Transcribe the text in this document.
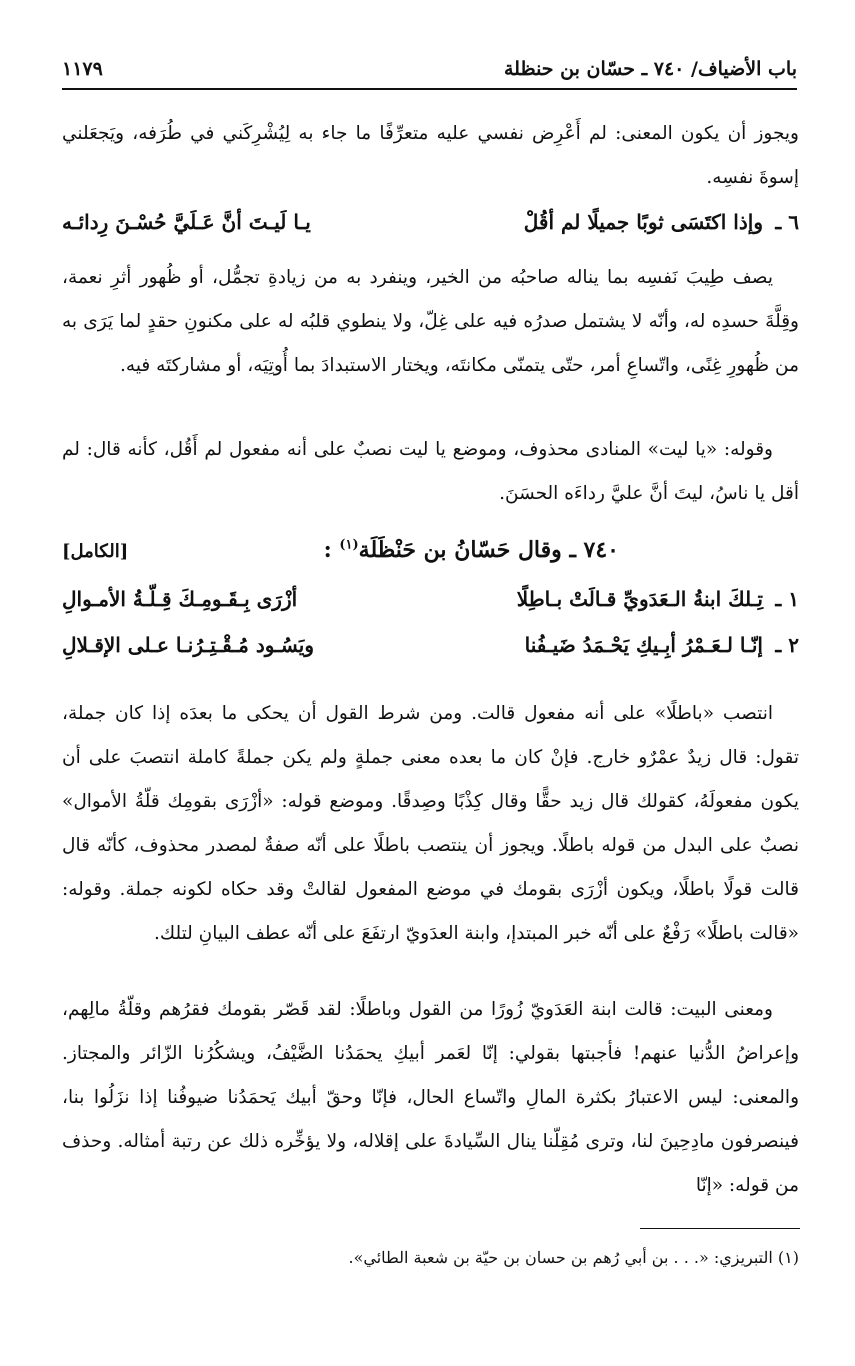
باب الأضياف/ ٧٤٠ ـ حسّان بن حنظلة
١١٧٩
ويجوز أن يكون المعنى: لم أَعْرِض نفسي عليه متعرِّفًا ما جاء به لِيُشْرِكَني في طُرَفه، ويَجعَلني إسوةَ نفسِه.
٦ ـ
وإذا اكتَسَى ثوبًا جميلًا لم أقُلْ
يـا لَيـتَ أنَّ عَـلَيَّ حُسْـنَ رِدائـه
يصف طِيبَ نَفسِه بما يناله صاحبُه من الخير، وينفرد به من زيادةِ تجمُّل، أو ظُهور أثرِ نعمة، وقِلَّةَ حسدِه له، وأنّه لا يشتمل صدرُه فيه على غِلّ، ولا ينطوي قلبُه له على مكنونِ حقدٍ لما يَرَى به من ظُهورِ غِنًى، واتّساعِ أمر، حتّى يتمنّى مكانتَه، ويختار الاستبدادَ بما أُوتِيَه، أو مشاركتَه فيه.
وقوله: «يا ليت» المنادى محذوف، وموضع يا ليت نصبٌ على أنه مفعول لم أَقُل، كأنه قال: لم أقل يا ناسُ، ليتَ أنَّ عليَّ رداءَه الحسَنَ.
٧٤٠ ـ وقال حَسّانُ بن حَنْظَلَة$^{(١)}$ :
[الكامل]
١ ـ
تِـلكَ ابنةُ الـعَدَويِّ قـالَتْ بـاطِلًا
أزْرَى بِـقَـومِـكَ قِـلّـةُ الأمـوالِ
٢ ـ
إنّـا لـعَـمْرُ أبِـيكِ يَحْـمَدُ ضَيـفُنا
ويَسُـود مُـقْـتِـرُنـا عـلى الإقـلالِ
انتصب «باطلًا» على أنه مفعول قالت. ومن شرط القول أن يحكى ما بعدَه إذا كان جملة، تقول: قال زيدٌ عمْرٌو خارج. فإنْ كان ما بعده معنى جملةٍ ولم يكن جملةً كاملة انتصبَ على أن يكون مفعولَهُ، كقولك قال زيد حقًّا وقال كِذْبًا وصِدقًا. وموضع قوله: «أزْرَى بقومِك قلّةُ الأموال» نصبٌ على البدل من قوله باطلًا. ويجوز أن ينتصب باطلًا على أنّه صفةٌ لمصدر محذوف، كأنّه قال قالت قولًا باطلًا، ويكون أزْرَى بقومك في موضع المفعول لقالتْ وقد حكاه لكونه جملة. وقوله: «قالت باطلًا» رَفْعٌ على أنّه خبر المبتدإ، وابنة العدَويّ ارتفَعَ على أنّه عطف البيانِ لتلك.
ومعنى البيت: قالت ابنة العَدَويّ زُورًا من القول وباطلًا: لقد قَصّر بقومك فقرُهم وقلّةُ مالِهم، وإعراضُ الدُّنيا عنهم! فأجبتها بقولي: إنّا لعَمر أبيكِ يحمَدُنا الضَّيْفُ، ويشكُرُنا الزّائر والمجتاز. والمعنى: ليس الاعتبارُ بكثرة المالِ واتّساع الحال، فإنّا وحقّ أبيك يَحمَدُنا ضيوفُنا إذا نزَلُوا بنا، فينصرفون مادِحِينَ لنا، وترى مُقِلّنا ينال السِّيادةَ على إقلاله، ولا يؤخِّره ذلك عن رتبة أمثاله. وحذف من قوله: «إنّا
(١) التبريزي: «. . . بن أبي رُهم بن حسان بن حيّة بن شعبة الطائي».
